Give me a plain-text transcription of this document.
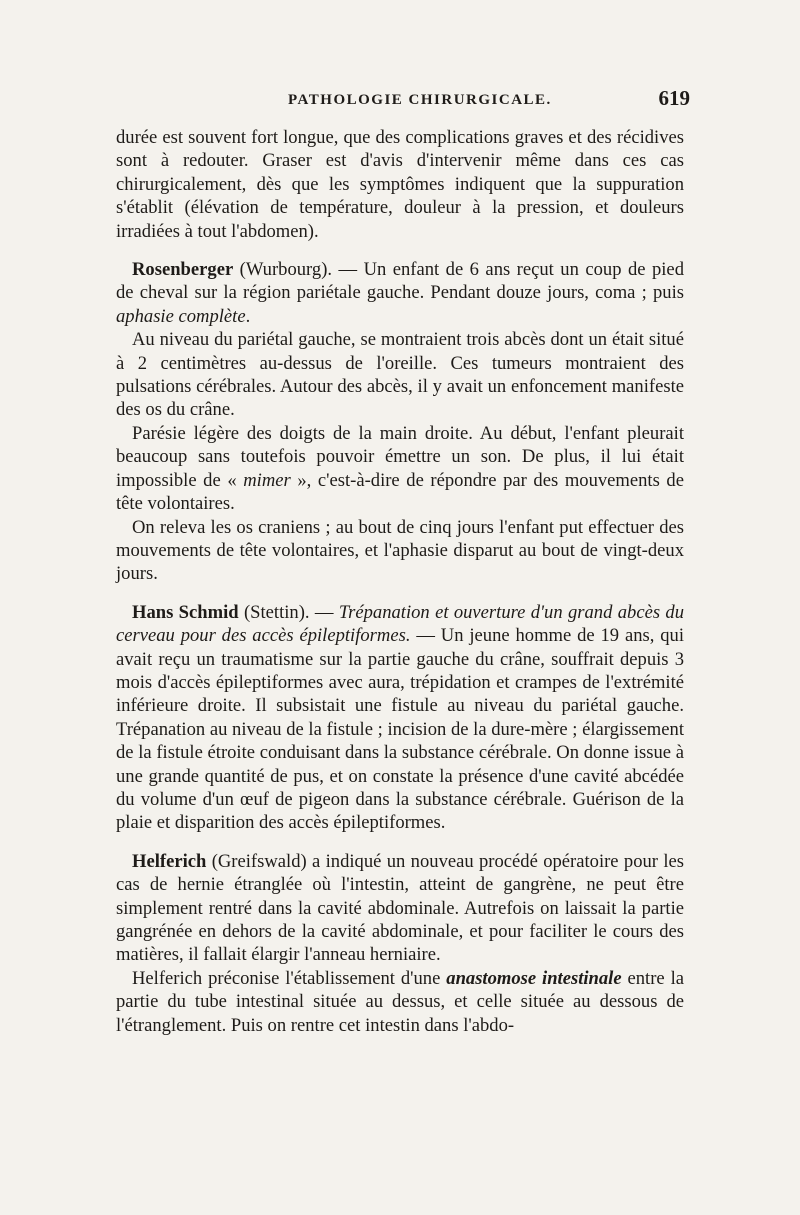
PATHOLOGIE CHIRURGICALE.	619

durée est souvent fort longue, que des complications graves et des récidives sont à redouter. Graser est d'avis d'intervenir même dans ces cas chirurgicalement, dès que les symptômes indiquent que la suppuration s'établit (élévation de température, douleur à la pression, et douleurs irradiées à tout l'abdomen).

Rosenberger (Wurbourg). — Un enfant de 6 ans reçut un coup de pied de cheval sur la région pariétale gauche. Pendant douze jours, coma ; puis aphasie complète.

Au niveau du pariétal gauche, se montraient trois abcès dont un était situé à 2 centimètres au-dessus de l'oreille. Ces tumeurs montraient des pulsations cérébrales. Autour des abcès, il y avait un enfoncement manifeste des os du crâne.

Parésie légère des doigts de la main droite. Au début, l'enfant pleurait beaucoup sans toutefois pouvoir émettre un son. De plus, il lui était impossible de « mimer », c'est-à-dire de répondre par des mouvements de tête volontaires.

On releva les os craniens ; au bout de cinq jours l'enfant put effectuer des mouvements de tête volontaires, et l'aphasie disparut au bout de vingt-deux jours.

Hans Schmid (Stettin). — Trépanation et ouverture d'un grand abcès du cerveau pour des accès épileptiformes. — Un jeune homme de 19 ans, qui avait reçu un traumatisme sur la partie gauche du crâne, souffrait depuis 3 mois d'accès épileptiformes avec aura, trépidation et crampes de l'extrémité inférieure droite. Il subsistait une fistule au niveau du pariétal gauche. Trépanation au niveau de la fistule ; incision de la dure-mère ; élargissement de la fistule étroite conduisant dans la substance cérébrale. On donne issue à une grande quantité de pus, et on constate la présence d'une cavité abcédée du volume d'un œuf de pigeon dans la substance cérébrale. Guérison de la plaie et disparition des accès épileptiformes.

Helferich (Greifswald) a indiqué un nouveau procédé opératoire pour les cas de hernie étranglée où l'intestin, atteint de gangrène, ne peut être simplement rentré dans la cavité abdominale. Autrefois on laissait la partie gangrénée en dehors de la cavité abdominale, et pour faciliter le cours des matières, il fallait élargir l'anneau herniaire.

Helferich préconise l'établissement d'une anastomose intestinale entre la partie du tube intestinal située au dessus, et celle située au dessous de l'étranglement. Puis on rentre cet intestin dans l'abdo-
